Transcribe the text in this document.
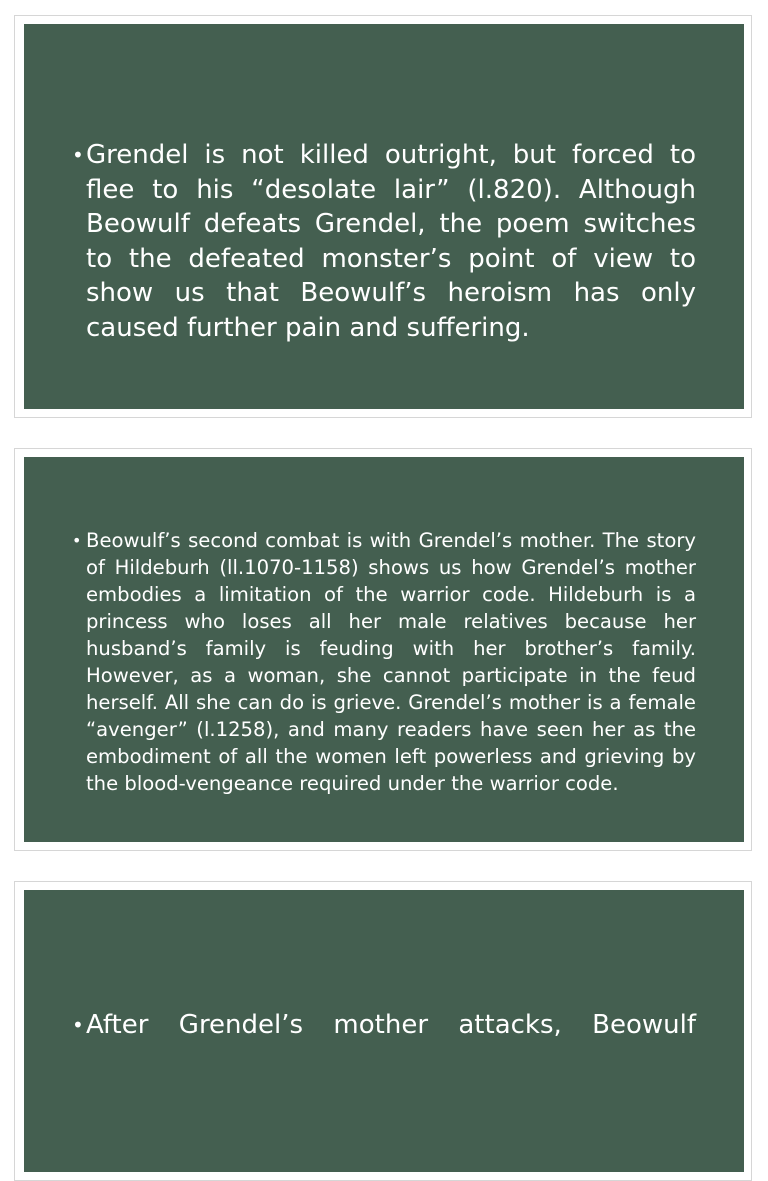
• Grendel is not killed outright, but forced to flee to his “desolate lair” (l.820). Although Beowulf defeats Grendel, the poem switches to the defeated monster’s point of view to show us that Beowulf’s heroism has only caused further pain and suffering.
• Beowulf’s second combat is with Grendel’s mother. The story of Hildeburh (ll.1070-1158) shows us how Grendel’s mother embodies a limitation of the warrior code. Hildeburh is a princess who loses all her male relatives because her husband’s family is feuding with her brother’s family. However, as a woman, she cannot participate in the feud herself. All she can do is grieve. Grendel’s mother is a female “avenger” (l.1258), and many readers have seen her as the embodiment of all the women left powerless and grieving by the blood-vengeance required under the warrior code.
• After Grendel’s mother attacks, Beowulf
